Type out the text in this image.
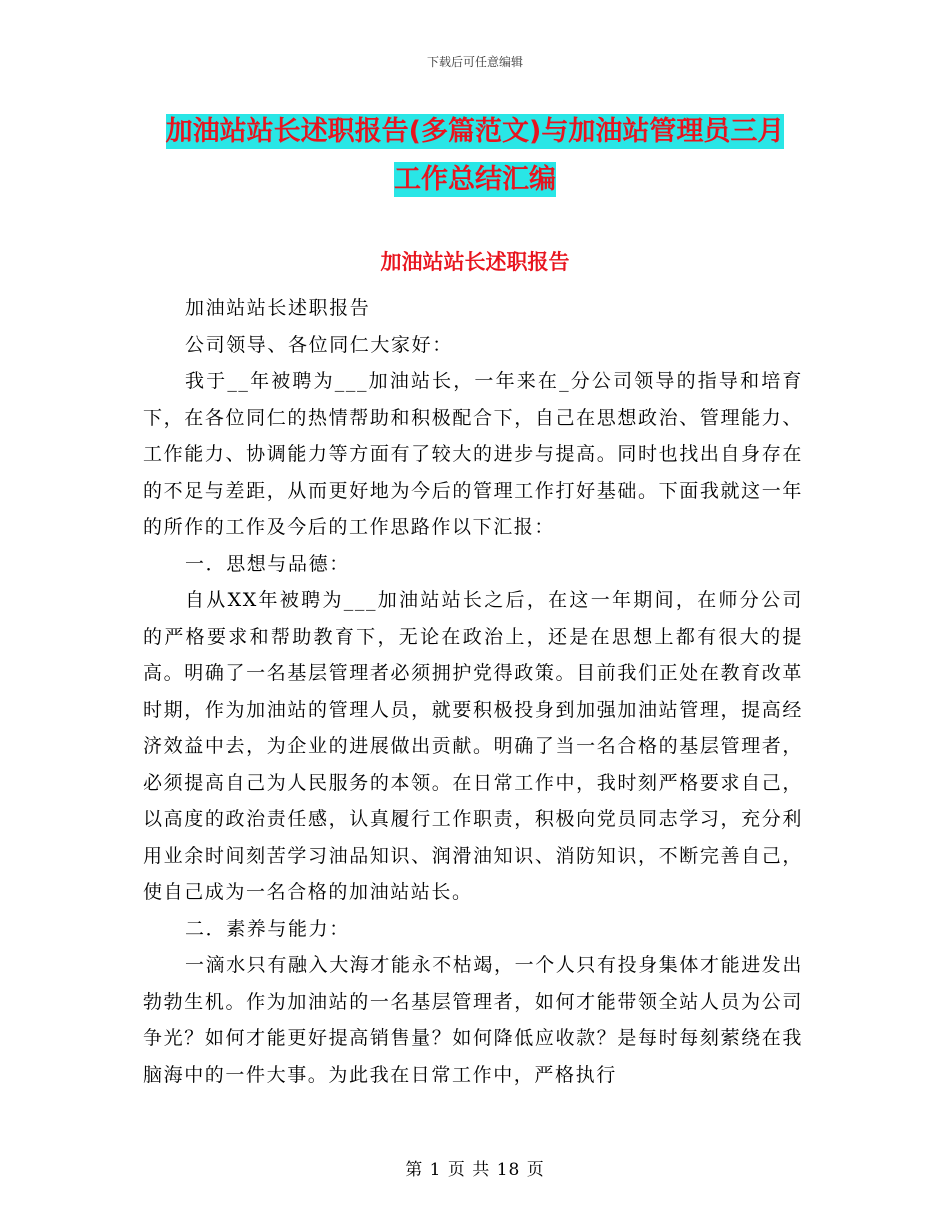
下载后可任意编辑
加油站站长述职报告(多篇范文)与加油站管理员三月
工作总结汇编
加油站站长述职报告

加油站站长述职报告

公司领导、各位同仁大家好：

我于__年被聘为___加油站长，一年来在_分公司领导的指导和培育下，在各位同仁的热情帮助和积极配合下，自己在思想政治、管理能力、工作能力、协调能力等方面有了较大的进步与提高。同时也找出自身存在的不足与差距，从而更好地为今后的管理工作打好基础。下面我就这一年的所作的工作及今后的工作思路作以下汇报：

一．思想与品德：

自从XX年被聘为___加油站站长之后，在这一年期间，在师分公司的严格要求和帮助教育下，无论在政治上，还是在思想上都有很大的提高。明确了一名基层管理者必须拥护党得政策。目前我们正处在教育改革时期，作为加油站的管理人员，就要积极投身到加强加油站管理，提高经济效益中去，为企业的进展做出贡献。明确了当一名合格的基层管理者，必须提高自己为人民服务的本领。在日常工作中，我时刻严格要求自己，以高度的政治责任感，认真履行工作职责，积极向党员同志学习，充分利用业余时间刻苦学习油品知识、润滑油知识、消防知识，不断完善自己，使自己成为一名合格的加油站站长。

二．素养与能力：

一滴水只有融入大海才能永不枯竭，一个人只有投身集体才能进发出勃勃生机。作为加油站的一名基层管理者，如何才能带领全站人员为公司争光？如何才能更好提高销售量？如何降低应收款？是每时每刻萦绕在我脑海中的一件大事。为此我在日常工作中，严格执行

第 1 页 共 18 页
